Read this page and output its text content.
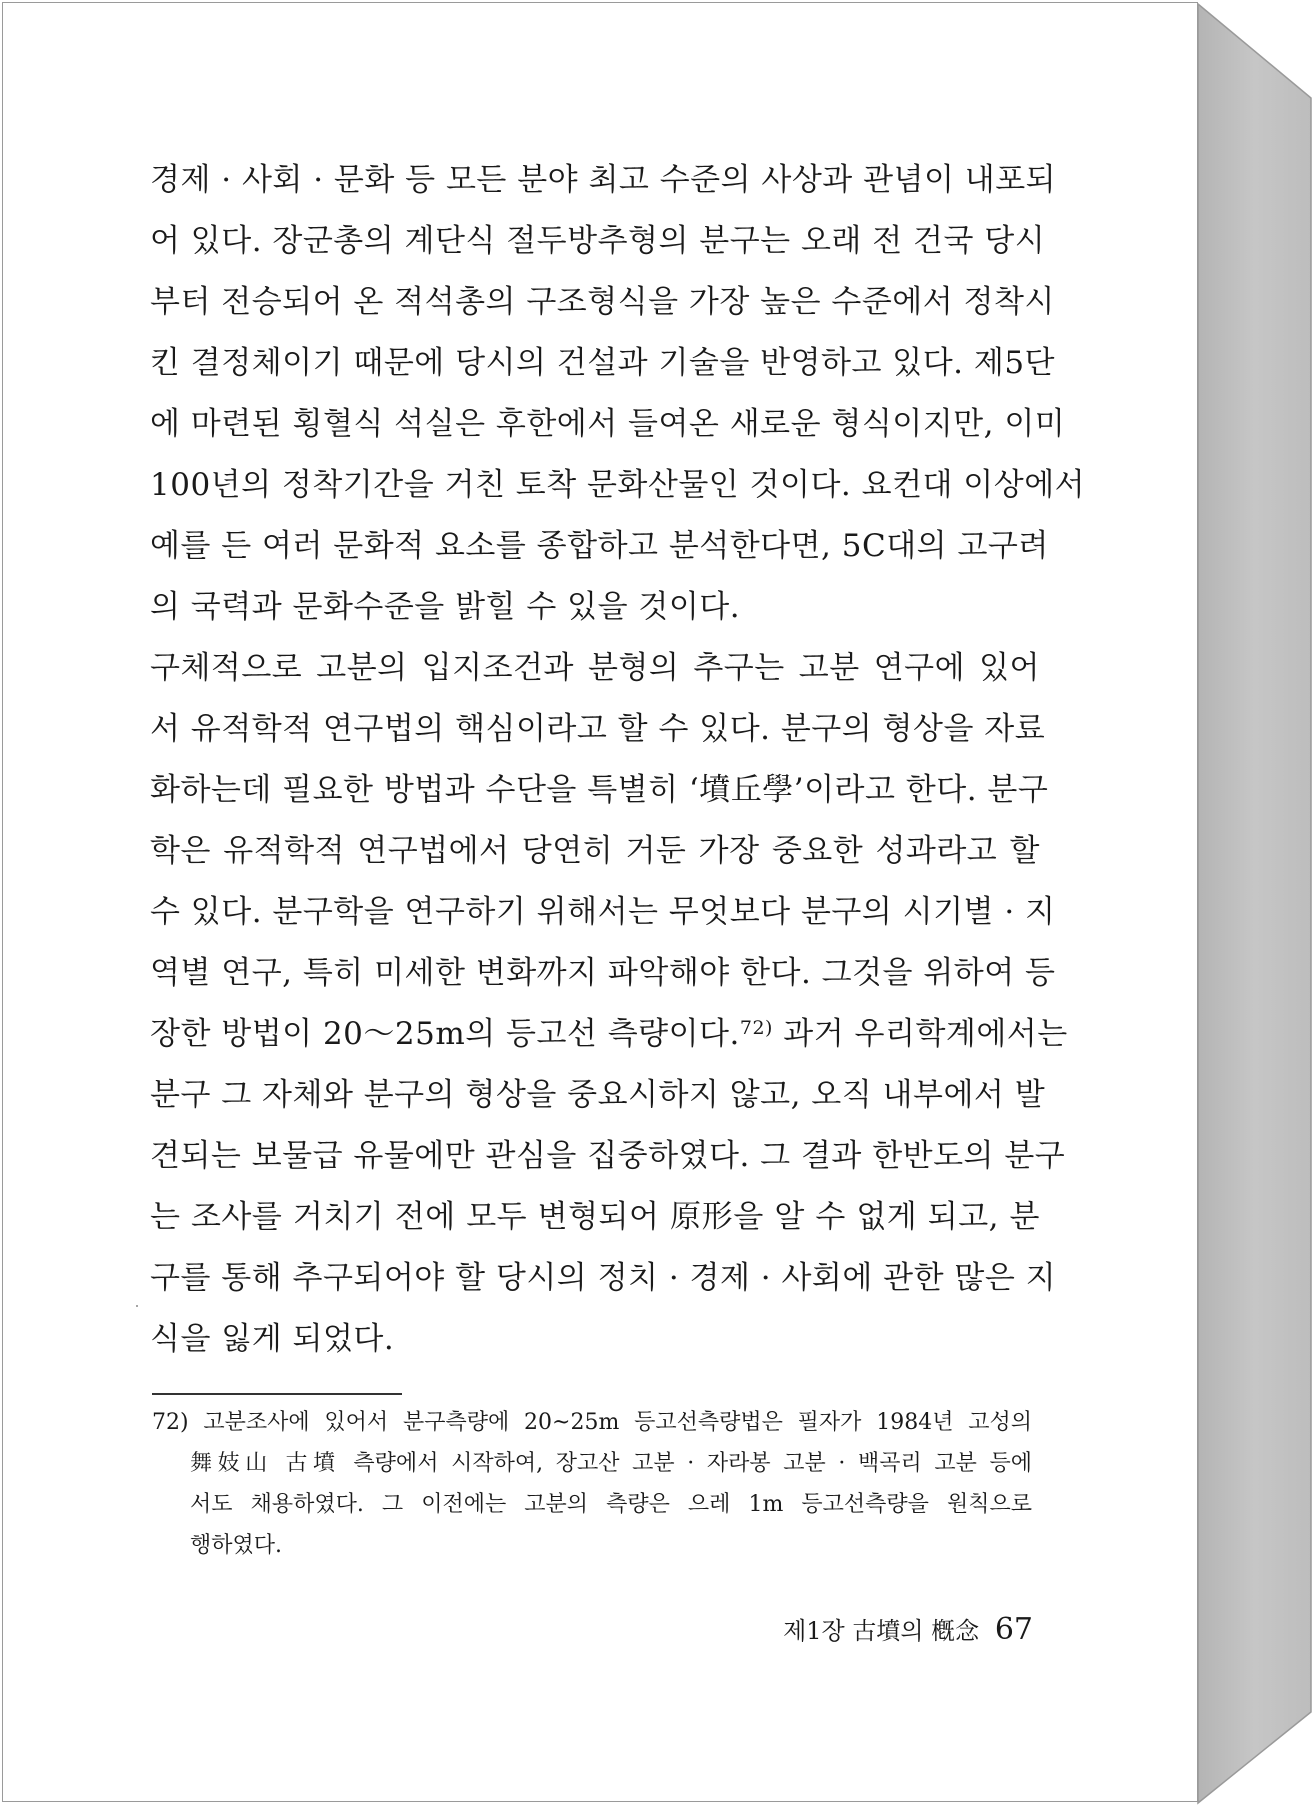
경제 · 사회 · 문화 등 모든 분야 최고 수준의 사상과 관념이 내포되
어 있다. 장군총의 계단식 절두방추형의 분구는 오래 전 건국 당시
부터 전승되어 온 적석총의 구조형식을 가장 높은 수준에서 정착시
킨 결정체이기 때문에 당시의 건설과 기술을 반영하고 있다. 제5단
에 마련된 횡혈식 석실은 후한에서 들여온 새로운 형식이지만, 이미
100년의 정착기간을 거친 토착 문화산물인 것이다. 요컨대 이상에서
예를 든 여러 문화적 요소를 종합하고 분석한다면, 5C대의 고구려
의 국력과 문화수준을 밝힐 수 있을 것이다.
구체적으로 고분의 입지조건과 분형의 추구는 고분 연구에 있어
서 유적학적 연구법의 핵심이라고 할 수 있다. 분구의 형상을 자료
화하는데 필요한 방법과 수단을 특별히 ‘墳丘學’이라고 한다. 분구
학은 유적학적 연구법에서 당연히 거둔 가장 중요한 성과라고 할
수 있다. 분구학을 연구하기 위해서는 무엇보다 분구의 시기별 · 지
역별 연구, 특히 미세한 변화까지 파악해야 한다. 그것을 위하여 등
장한 방법이 20～25m의 등고선 측량이다.$^{72)}$ 과거 우리학계에서는
분구 그 자체와 분구의 형상을 중요시하지 않고, 오직 내부에서 발
견되는 보물급 유물에만 관심을 집중하였다. 그 결과 한반도의 분구
는 조사를 거치기 전에 모두 변형되어 原形을 알 수 없게 되고, 분
구를 통해 추구되어야 할 당시의 정치 · 경제 · 사회에 관한 많은 지
식을 잃게 되었다.
72) 고분조사에 있어서 분구측량에 20~25m 등고선측량법은 필자가 1984년 고성의
舞妓山 古墳 측량에서 시작하여, 장고산 고분 · 자라봉 고분 · 백곡리 고분 등에
서도 채용하였다. 그 이전에는 고분의 측량은 으레 1m 등고선측량을 원칙으로
행하였다.
제1장 古墳의 槪念 67
